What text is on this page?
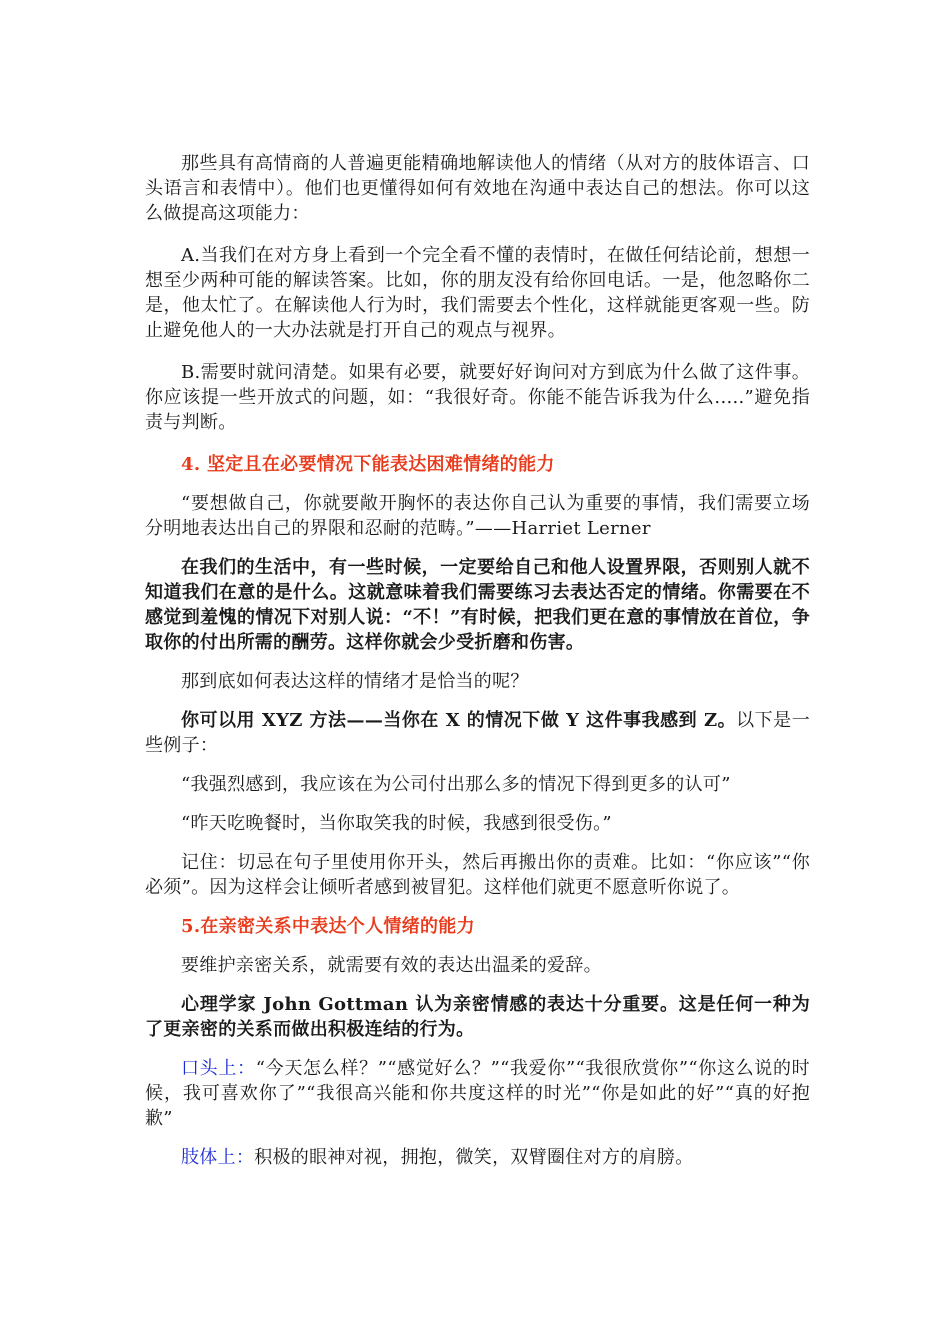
那些具有高情商的人普遍更能精确地解读他人的情绪（从对方的肢体语言、口头语言和表情中）。他们也更懂得如何有效地在沟通中表达自己的想法。你可以这么做提高这项能力：

A.当我们在对方身上看到一个完全看不懂的表情时，在做任何结论前，想想一想至少两种可能的解读答案。比如，你的朋友没有给你回电话。一是，他忽略你二是，他太忙了。在解读他人行为时，我们需要去个性化，这样就能更客观一些。防止避免他人的一大办法就是打开自己的观点与视界。

B.需要时就问清楚。如果有必要，就要好好询问对方到底为什么做了这件事。你应该提一些开放式的问题，如：“我很好奇。你能不能告诉我为什么.....”避免指责与判断。

4. 坚定且在必要情况下能表达困难情绪的能力

“要想做自己，你就要敞开胸怀的表达你自己认为重要的事情，我们需要立场分明地表达出自己的界限和忍耐的范畴。”——Harriet Lerner

在我们的生活中，有一些时候，一定要给自己和他人设置界限，否则别人就不知道我们在意的是什么。这就意味着我们需要练习去表达否定的情绪。你需要在不感觉到羞愧的情况下对别人说：“不！”有时候，把我们更在意的事情放在首位，争取你的付出所需的酬劳。这样你就会少受折磨和伤害。

那到底如何表达这样的情绪才是恰当的呢？

你可以用 XYZ 方法——当你在 X 的情况下做 Y 这件事我感到 Z。以下是一些例子：

“我强烈感到，我应该在为公司付出那么多的情况下得到更多的认可”

“昨天吃晚餐时，当你取笑我的时候，我感到很受伤。”

记住：切忌在句子里使用你开头，然后再搬出你的责难。比如：“你应该”“你必须”。因为这样会让倾听者感到被冒犯。这样他们就更不愿意听你说了。

5.在亲密关系中表达个人情绪的能力

要维护亲密关系，就需要有效的表达出温柔的爱辞。

心理学家 John Gottman 认为亲密情感的表达十分重要。这是任何一种为了更亲密的关系而做出积极连结的行为。

口头上：“今天怎么样？”“感觉好么？”“我爱你”“我很欣赏你”“你这么说的时候，我可喜欢你了”“我很高兴能和你共度这样的时光”“你是如此的好”“真的好抱歉”

肢体上：积极的眼神对视，拥抱，微笑，双臂圈住对方的肩膀。
